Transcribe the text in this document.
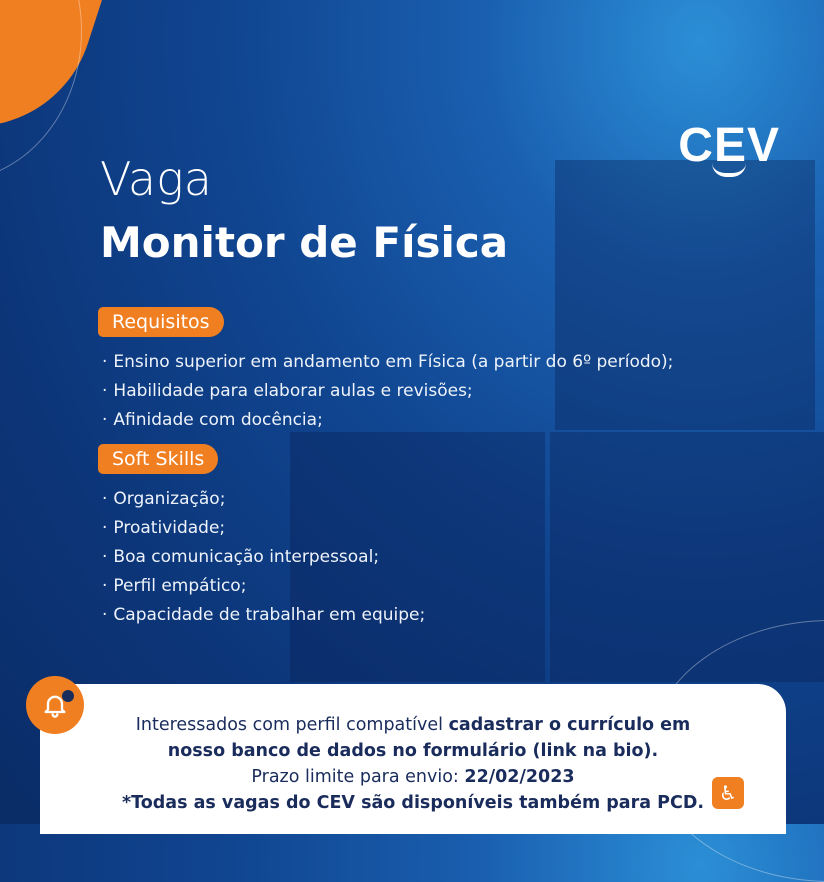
CEV
Vaga
Monitor de Física
Requisitos
· Ensino superior em andamento em Física (a partir do 6º período);
· Habilidade para elaborar aulas e revisões;
· Afinidade com docência;
Soft Skills
· Organização;
· Proatividade;
· Boa comunicação interpessoal;
· Perfil empático;
· Capacidade de trabalhar em equipe;
Interessados com perfil compatível cadastrar o currículo em
nosso banco de dados no formulário (link na bio).
Prazo limite para envio: 22/02/2023
*Todas as vagas do CEV são disponíveis também para PCD. ♿
